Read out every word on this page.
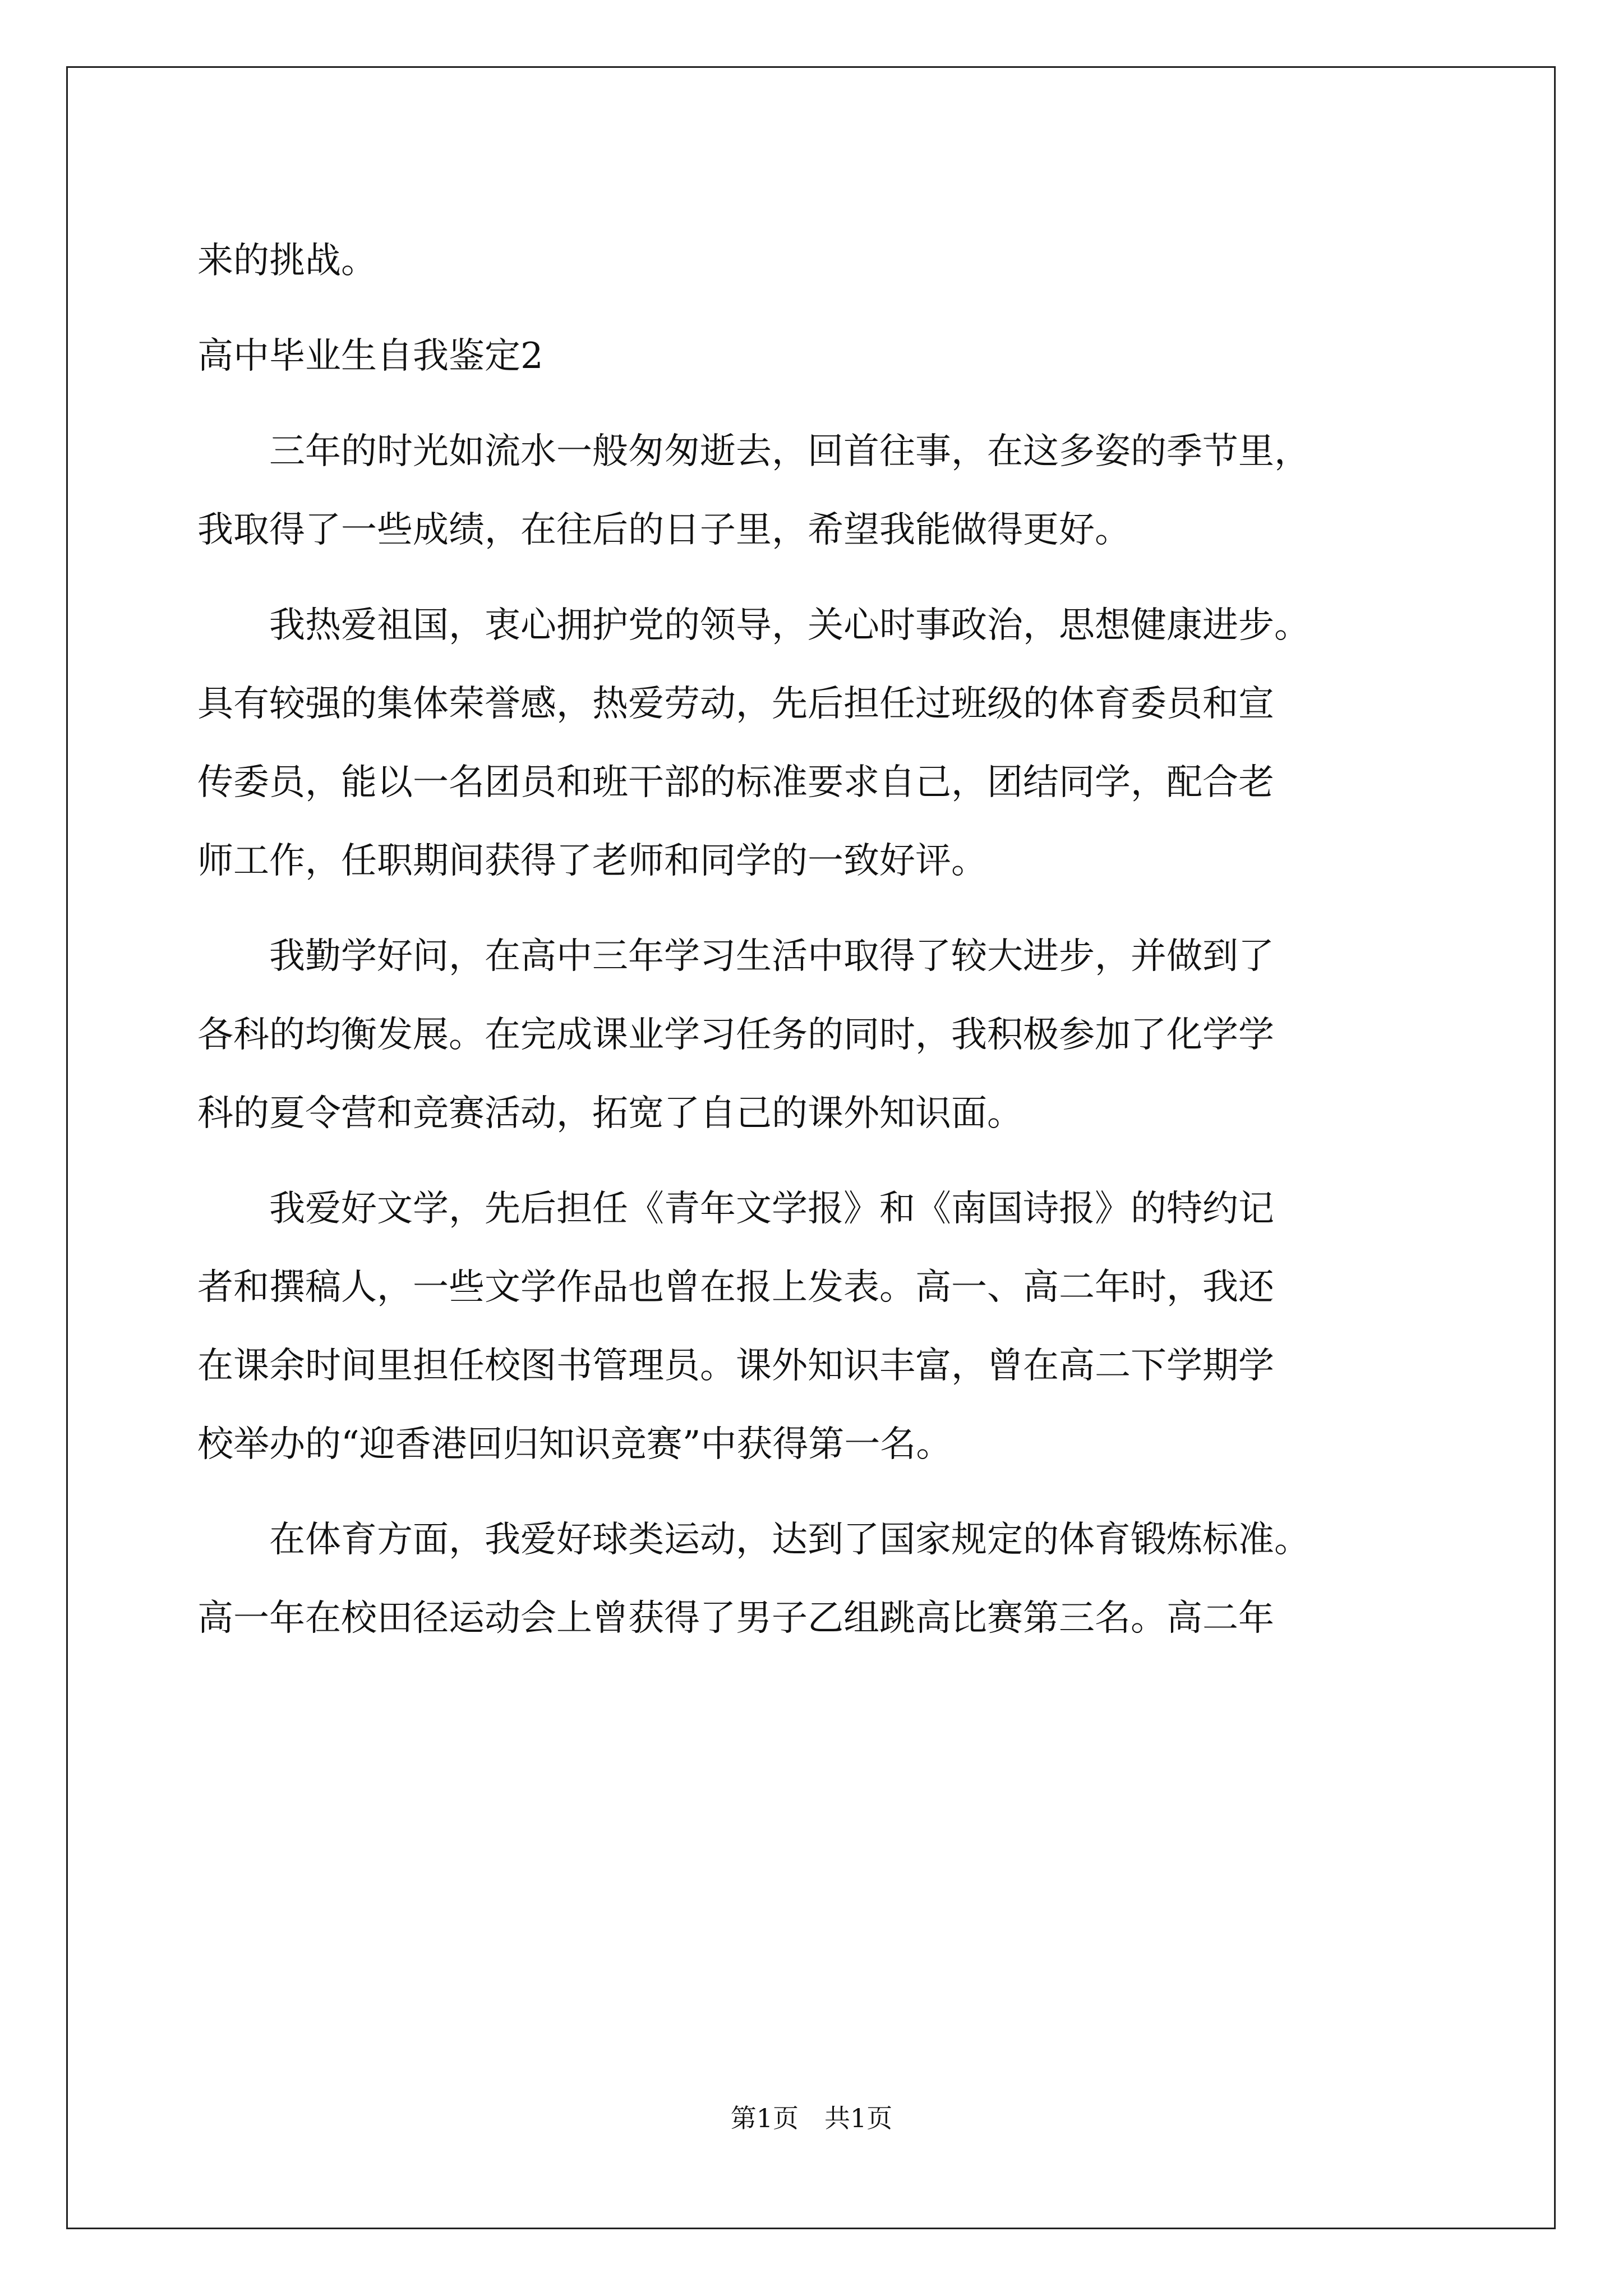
来的挑战。
高中毕业生自我鉴定2
　　三年的时光如流水一般匆匆逝去，回首往事，在这多姿的季节里，
我取得了一些成绩，在往后的日子里，希望我能做得更好。
　　我热爱祖国，衷心拥护党的领导，关心时事政治，思想健康进步。
具有较强的集体荣誉感，热爱劳动，先后担任过班级的体育委员和宣
传委员，能以一名团员和班干部的标准要求自己，团结同学，配合老
师工作，任职期间获得了老师和同学的一致好评。
　　我勤学好问，在高中三年学习生活中取得了较大进步，并做到了
各科的均衡发展。在完成课业学习任务的同时，我积极参加了化学学
科的夏令营和竞赛活动，拓宽了自己的课外知识面。
　　我爱好文学，先后担任《青年文学报》和《南国诗报》的特约记
者和撰稿人，一些文学作品也曾在报上发表。高一、高二年时，我还
在课余时间里担任校图书管理员。课外知识丰富，曾在高二下学期学
校举办的“迎香港回归知识竞赛”中获得第一名。
　　在体育方面，我爱好球类运动，达到了国家规定的体育锻炼标准。
高一年在校田径运动会上曾获得了男子乙组跳高比赛第三名。高二年
第1页　共1页
